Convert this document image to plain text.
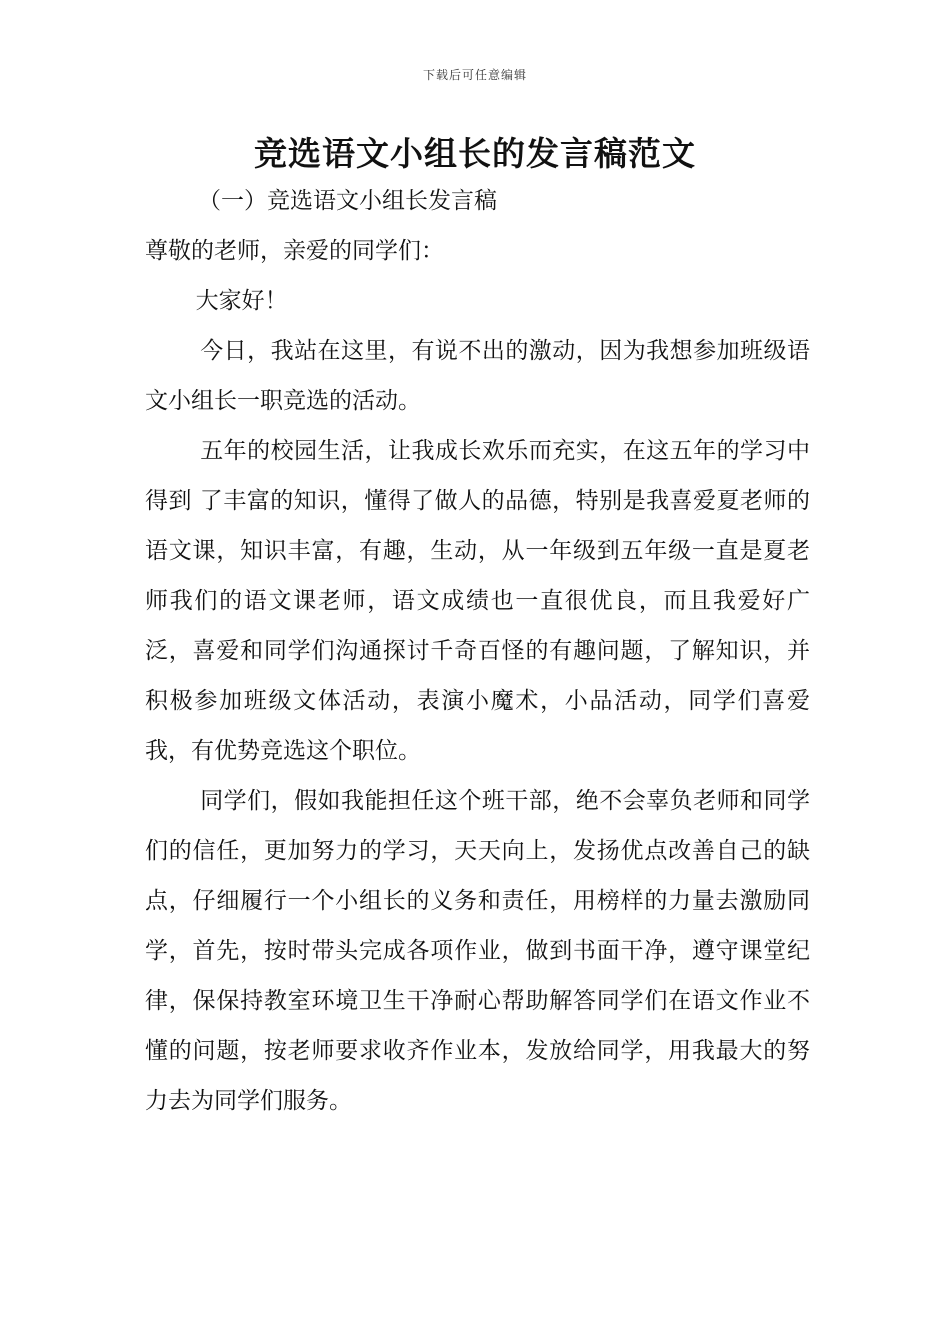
下载后可任意编辑
竞选语文小组长的发言稿范文
（一）竞选语文小组长发言稿

尊敬的老师，亲爱的同学们：

大家好！

今日，我站在这里，有说不出的激动，因为我想参加班级语文小组长一职竞选的活动。

五年的校园生活，让我成长欢乐而充实，在这五年的学习中得到 了丰富的知识，懂得了做人的品德，特别是我喜爱夏老师的语文课，知识丰富，有趣，生动，从一年级到五年级一直是夏老师我们的语文课老师，语文成绩也一直很优良，而且我爱好广泛，喜爱和同学们沟通探讨千奇百怪的有趣问题，了解知识，并积极参加班级文体活动，表演小魔术，小品活动，同学们喜爱我，有优势竞选这个职位。

同学们，假如我能担任这个班干部，绝不会辜负老师和同学们的信任，更加努力的学习，天天向上，发扬优点改善自己的缺点，仔细履行一个小组长的义务和责任，用榜样的力量去激励同学，首先，按时带头完成各项作业，做到书面干净，遵守课堂纪律，保保持教室环境卫生干净耐心帮助解答同学们在语文作业不懂的问题，按老师要求收齐作业本，发放给同学，用我最大的努力去为同学们服务。
